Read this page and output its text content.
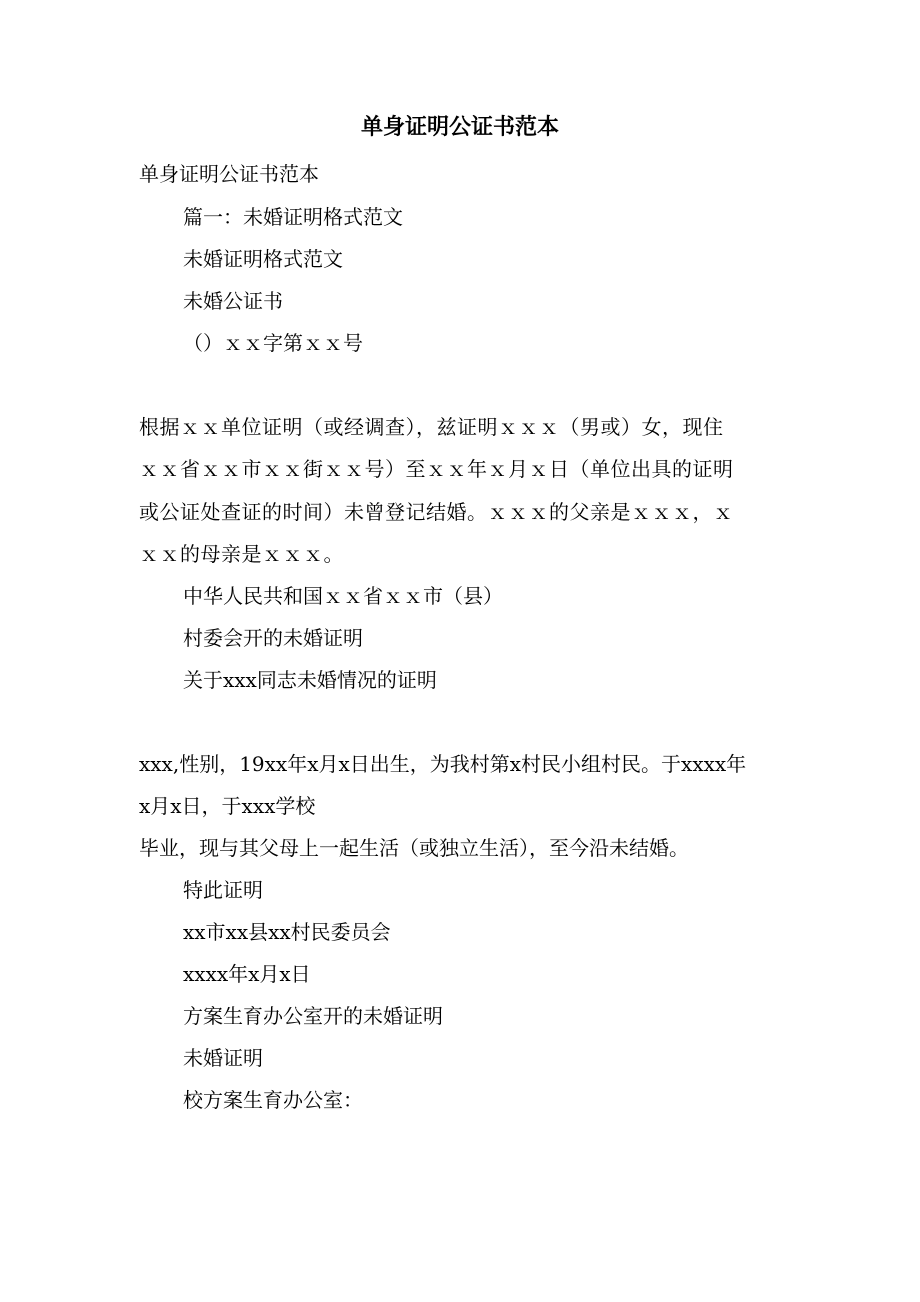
单身证明公证书范本

单身证明公证书范本

篇一：未婚证明格式范文

未婚证明格式范文

未婚公证书

（）ｘｘ字第ｘｘ号

根据ｘｘ单位证明（或经调查），兹证明ｘｘｘ（男或）女，现住

ｘｘ省ｘｘ市ｘｘ街ｘｘ号）至ｘｘ年ｘ月ｘ日（单位出具的证明

或公证处查证的时间）未曾登记结婚。ｘｘｘ的父亲是ｘｘｘ，ｘ

ｘｘ的母亲是ｘｘｘ。

中华人民共和国ｘｘ省ｘｘ市（县）

村委会开的未婚证明

关于xxx同志未婚情况的证明

xxx,性别，19xx年x月x日出生，为我村第x村民小组村民。于xxxx年

x月x日，于xxx学校

毕业，现与其父母上一起生活（或独立生活），至今沿未结婚。

特此证明

xx市xx县xx村民委员会

xxxx年x月x日

方案生育办公室开的未婚证明

未婚证明

校方案生育办公室：
